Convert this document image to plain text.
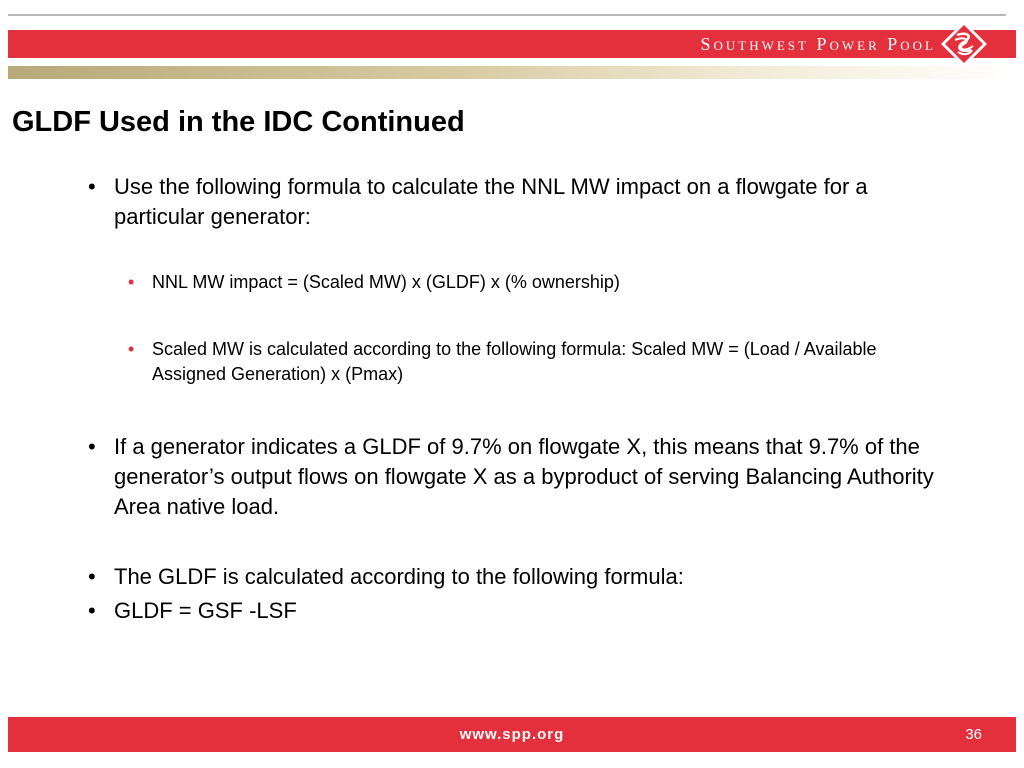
Southwest Power Pool
GLDF Used in the IDC Continued
• Use the following formula to calculate the NNL MW impact on a flowgate for a particular generator:
• NNL MW impact = (Scaled MW) x (GLDF) x (% ownership)
• Scaled MW is calculated according to the following formula: Scaled MW = (Load / Available Assigned Generation) x (Pmax)
• If a generator indicates a GLDF of 9.7% on flowgate X, this means that 9.7% of the generator’s output flows on flowgate X as a byproduct of serving Balancing Authority Area native load.
• The GLDF is calculated according to the following formula:
• GLDF = GSF -LSF
www.spp.org	36
